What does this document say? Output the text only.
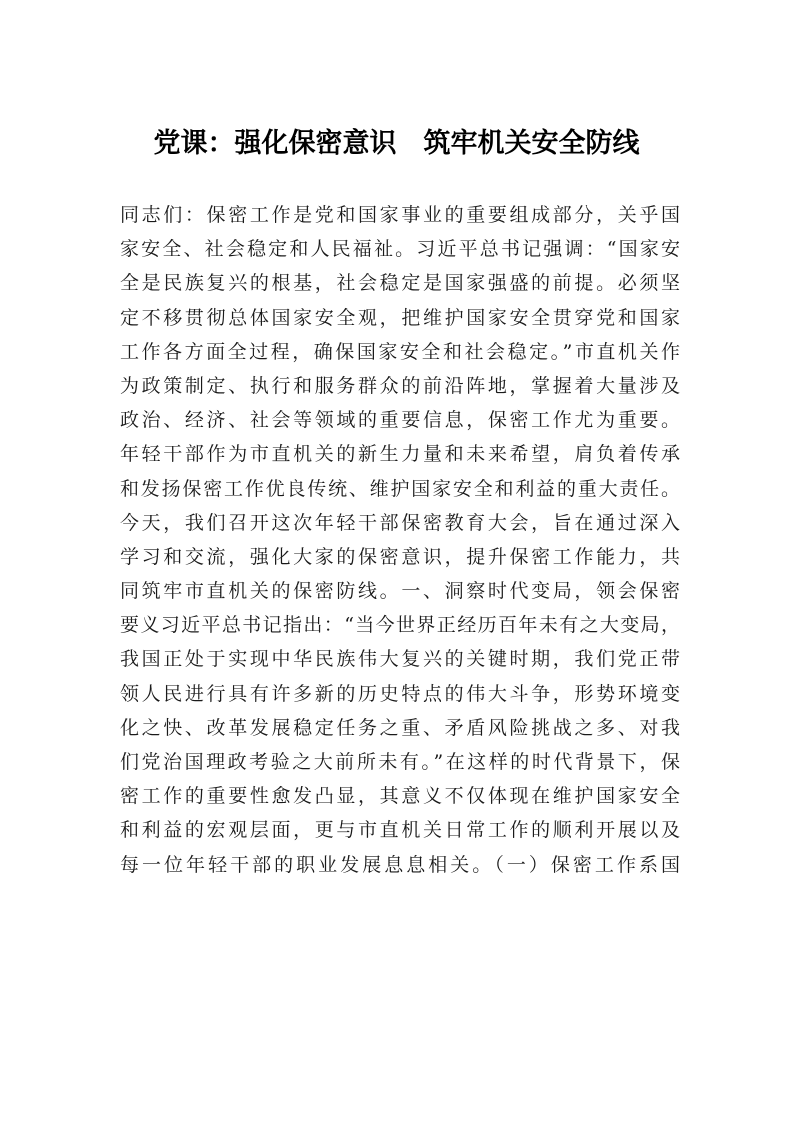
党课：强化保密意识　筑牢机关安全防线
同志们：保密工作是党和国家事业的重要组成部分，关乎国
家安全、社会稳定和人民福祉。习近平总书记强调：“国家安
全是民族复兴的根基，社会稳定是国家强盛的前提。必须坚
定不移贯彻总体国家安全观，把维护国家安全贯穿党和国家
工作各方面全过程，确保国家安全和社会稳定。”市直机关作
为政策制定、执行和服务群众的前沿阵地，掌握着大量涉及
政治、经济、社会等领域的重要信息，保密工作尤为重要。
年轻干部作为市直机关的新生力量和未来希望，肩负着传承
和发扬保密工作优良传统、维护国家安全和利益的重大责任。
今天，我们召开这次年轻干部保密教育大会，旨在通过深入
学习和交流，强化大家的保密意识，提升保密工作能力，共
同筑牢市直机关的保密防线。一、洞察时代变局，领会保密
要义习近平总书记指出：“当今世界正经历百年未有之大变局，
我国正处于实现中华民族伟大复兴的关键时期，我们党正带
领人民进行具有许多新的历史特点的伟大斗争，形势环境变
化之快、改革发展稳定任务之重、矛盾风险挑战之多、对我
们党治国理政考验之大前所未有。”在这样的时代背景下，保
密工作的重要性愈发凸显，其意义不仅体现在维护国家安全
和利益的宏观层面，更与市直机关日常工作的顺利开展以及
每一位年轻干部的职业发展息息相关。（一）保密工作系国
